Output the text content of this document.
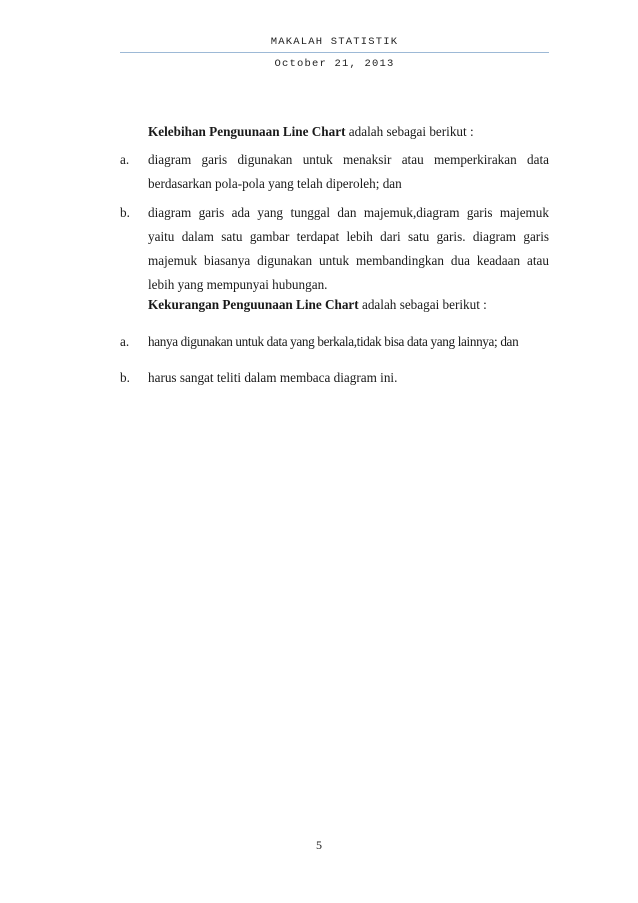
MAKALAH STATISTIK
October 21, 2013
Kelebihan Penguunaan Line Chart adalah sebagai berikut :
a. diagram garis digunakan untuk menaksir atau memperkirakan data
berdasarkan pola-pola yang telah diperoleh; dan
b. diagram garis ada yang tunggal dan majemuk,diagram garis majemuk
yaitu dalam satu gambar terdapat lebih dari satu garis. diagram garis
majemuk biasanya digunakan untuk membandingkan dua keadaan atau
lebih yang mempunyai hubungan.
Kekurangan Penguunaan Line Chart adalah sebagai berikut :
a. hanya digunakan untuk data yang berkala,tidak bisa data yang lainnya; dan
b. harus sangat teliti dalam membaca diagram ini.
5
